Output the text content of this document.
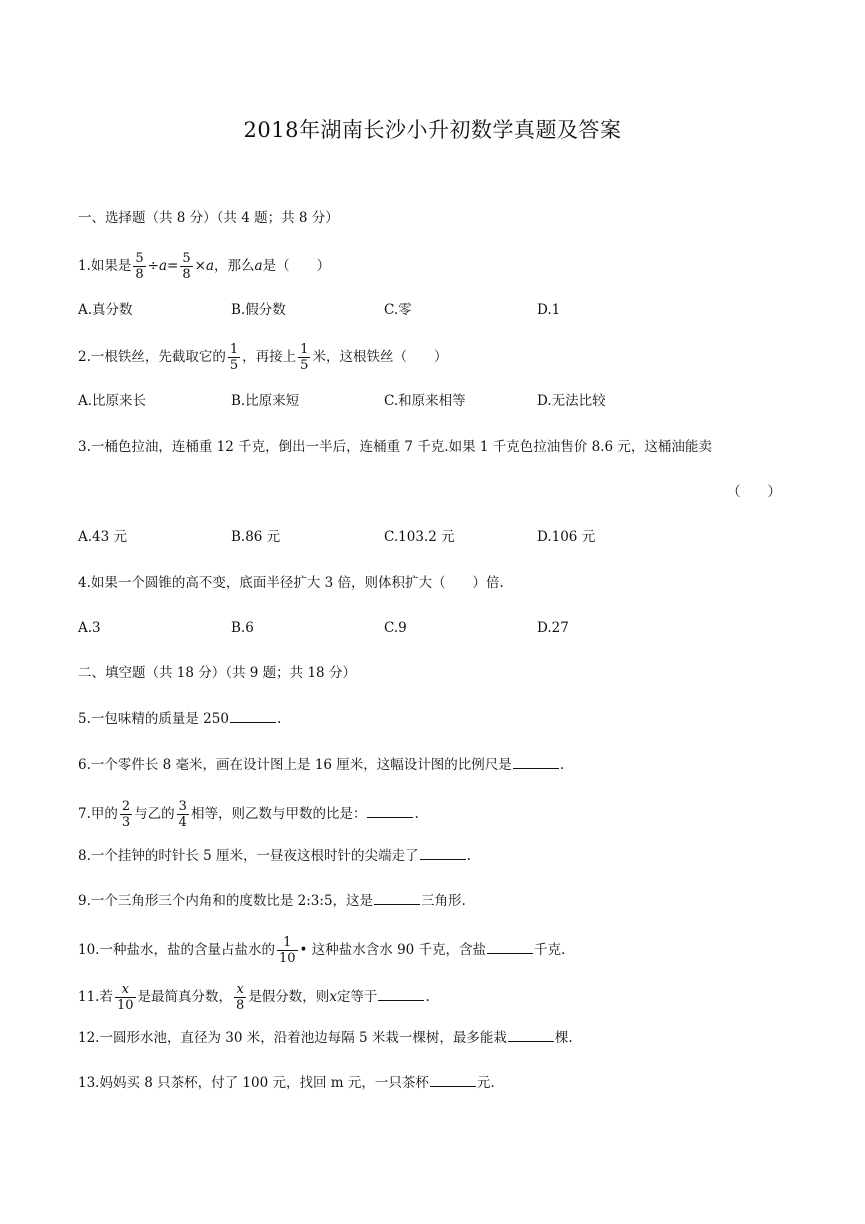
2018年湖南长沙小升初数学真题及答案
一、选择题（共 8 分）（共 4 题；共 8 分）
1.如果是 $\frac{5}{8} \div a= \frac{5}{8} \times a$，那么a是（　　）
A.真分数	B.假分数	C.零	D.1
2.一根铁丝，先截取它的 $\frac{1}{5}$ ，再接上 $\frac{1}{5}$ 米，这根铁丝（　　）
A.比原来长	B.比原来短	C.和原来相等	D.无法比较
3.一桶色拉油，连桶重 12 千克，倒出一半后，连桶重 7 千克.如果 1 千克色拉油售价 8.6 元，这桶油能卖
（　　）
A.43 元	B.86 元	C.103.2 元	D.106 元
4.如果一个圆锥的高不变，底面半径扩大 3 倍，则体积扩大（　　）倍.
A.3	B.6	C.9	D.27
二、填空题（共 18 分）（共 9 题；共 18 分）
5.一包味精的质量是 250	.
6.一个零件长 8 毫米，画在设计图上是 16 厘米，这幅设计图的比例尺是	.
7.甲的 $\frac{2}{3}$ 与乙的 $\frac{3}{4}$ 相等，则乙数与甲数的比是：	.
8.一个挂钟的时针长 5 厘米，一昼夜这根时针的尖端走了	.
9.一个三角形三个内角和的度数比是 2:3:5，这是	三角形.
10.一种盐水，盐的含量占盐水的 $\frac{1}{10}$ • 这种盐水含水 90 千克，含盐	千克.
11.若 $\frac{x}{10}$ 是最简真分数， $\frac{x}{8}$ 是假分数，则x定等于	.
12.一圆形水池，直径为 30 米，沿着池边每隔 5 米栽一棵树，最多能栽	棵.
13.妈妈买 8 只茶杯，付了 100 元，找回 m 元，一只茶杯	元.
